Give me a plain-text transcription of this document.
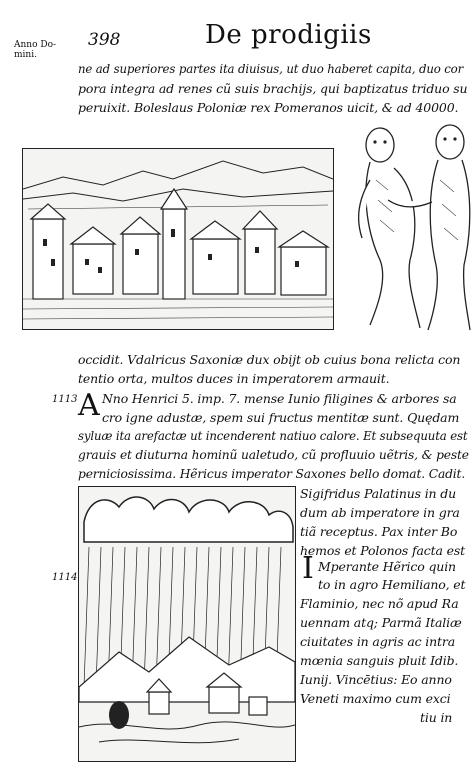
Anno Do-
mini.
398	De prodigiis
ne ad superiores partes ita diuisus, ut duo haberet capita, duo cor
pora integra ad renes cũ suis brachijs, qui baptizatus triduo su
peruixit. Boleslaus Poloniæ rex Pomeranos uicit, & ad 40000.
occidit. Vdalricus Saxoniæ dux obijt ob cuius bona relicta con
tentio orta, multos duces in imperatorem armauit.
1113 A Nno Henrici 5. imp. 7. mense Iunio filigines & arbores sa
cro igne adustæ, spem sui fructus mentitæ sunt. Quędam
syluæ ita arefactæ ut incenderent natiuo calore. Et subsequuta est
grauis et diuturna hominũ ualetudo, cũ profluuio uẽtris, & peste
perniciosissima. Hẽricus imperator Saxones bello domat. Cadit.
1114
Sigifridus Palatinus in du
dum ab imperatore in gra
tiã receptus. Pax inter Bo
hemos et Polonos facta est
I Mperante Hẽrico quin
to in agro Hemiliano, et
Flaminio, nec nõ apud Ra
uennam atq; Parmã Italiæ
ciuitates in agris ac intra
mœnia sanguis pluit Idib.
Iunij. Vincētius: Eo anno
Veneti maximo cum exci
tiu in
